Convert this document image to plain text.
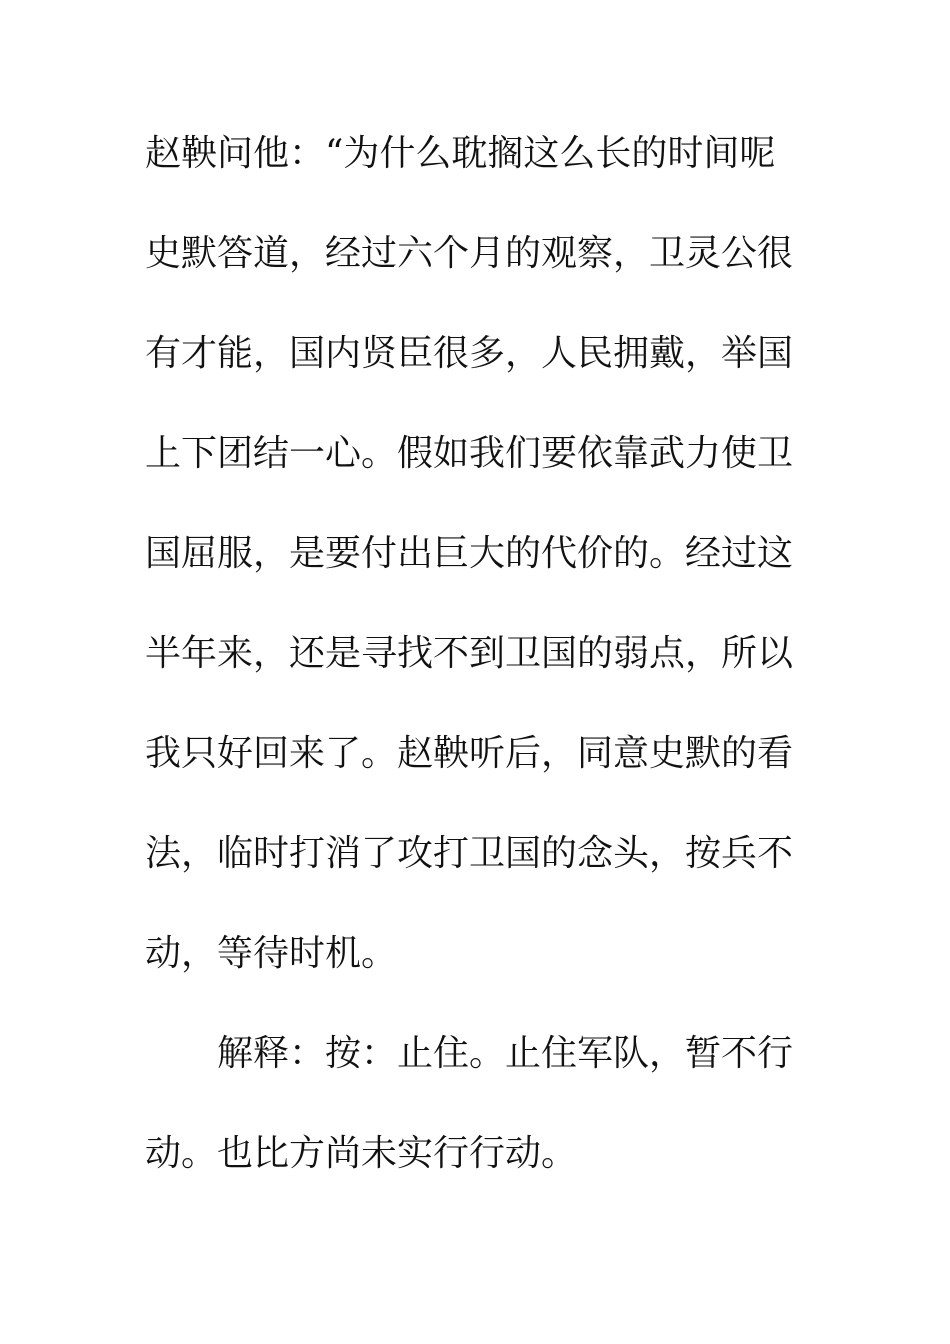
赵鞅问他：“为什么耽搁这么长的时间呢
史默答道，经过六个月的观察，卫灵公很
有才能，国内贤臣很多，人民拥戴，举国
上下团结一心。假如我们要依靠武力使卫
国屈服，是要付出巨大的代价的。经过这
半年来，还是寻找不到卫国的弱点，所以
我只好回来了。赵鞅听后，同意史默的看
法，临时打消了攻打卫国的念头，按兵不
动，等待时机。
解释：按：止住。止住军队，暂不行
动。也比方尚未实行行动。
